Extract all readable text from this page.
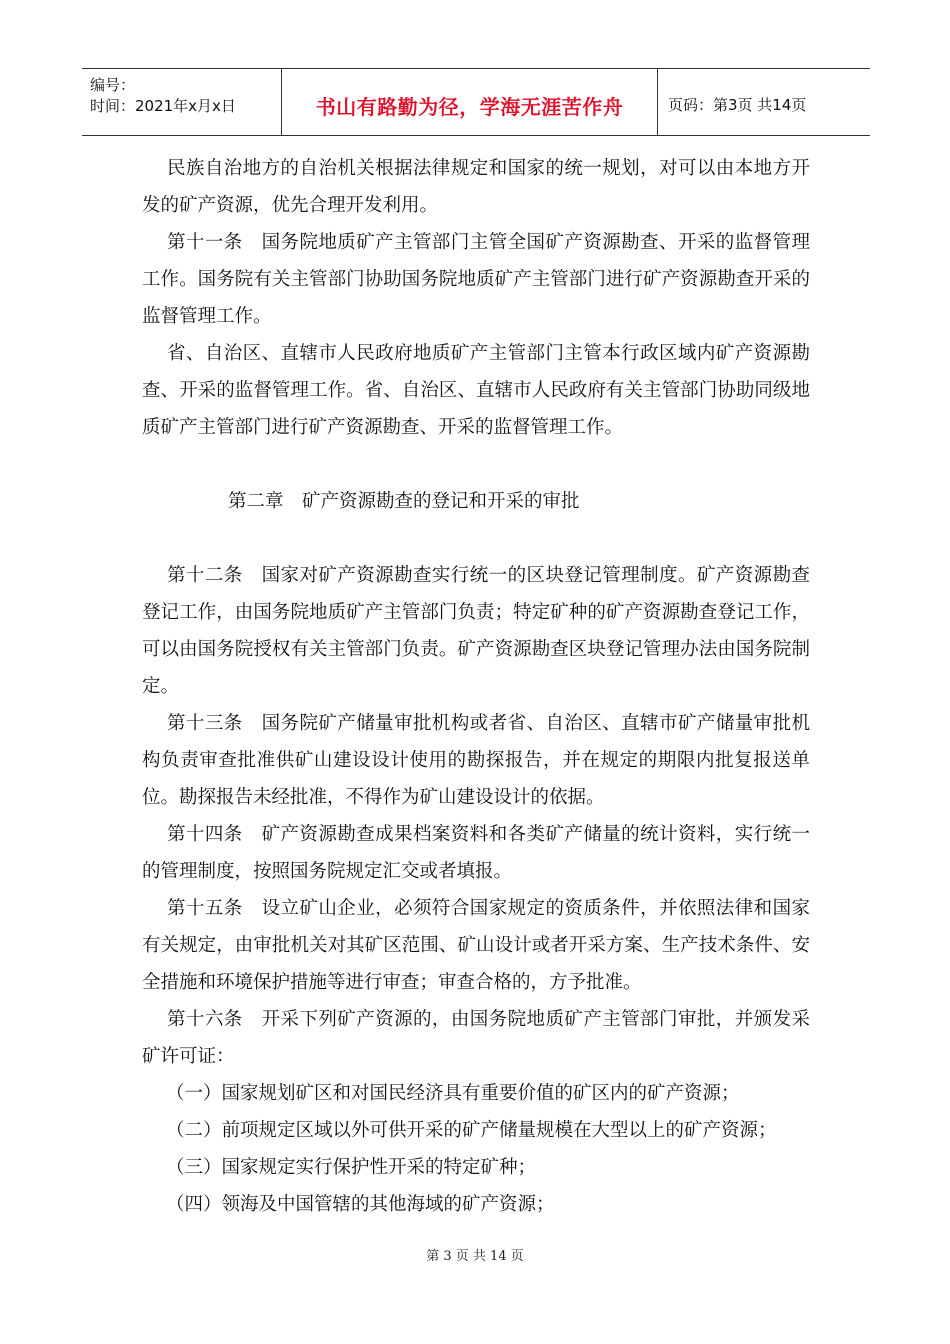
编号：
时间：2021年x月x日	书山有路勤为径，学海无涯苦作舟	页码：第3页 共14页

民族自治地方的自治机关根据法律规定和国家的统一规划，对可以由本地方开发的矿产资源，优先合理开发利用。

第十一条　国务院地质矿产主管部门主管全国矿产资源勘查、开采的监督管理工作。国务院有关主管部门协助国务院地质矿产主管部门进行矿产资源勘查开采的监督管理工作。

省、自治区、直辖市人民政府地质矿产主管部门主管本行政区域内矿产资源勘查、开采的监督管理工作。省、自治区、直辖市人民政府有关主管部门协助同级地质矿产主管部门进行矿产资源勘查、开采的监督管理工作。

第二章　矿产资源勘查的登记和开采的审批

第十二条　国家对矿产资源勘查实行统一的区块登记管理制度。矿产资源勘查登记工作，由国务院地质矿产主管部门负责；特定矿种的矿产资源勘查登记工作，可以由国务院授权有关主管部门负责。矿产资源勘查区块登记管理办法由国务院制定。

第十三条　国务院矿产储量审批机构或者省、自治区、直辖市矿产储量审批机构负责审查批准供矿山建设设计使用的勘探报告，并在规定的期限内批复报送单位。勘探报告未经批准，不得作为矿山建设设计的依据。

第十四条　矿产资源勘查成果档案资料和各类矿产储量的统计资料，实行统一的管理制度，按照国务院规定汇交或者填报。

第十五条　设立矿山企业，必须符合国家规定的资质条件，并依照法律和国家有关规定，由审批机关对其矿区范围、矿山设计或者开采方案、生产技术条件、安全措施和环境保护措施等进行审查；审查合格的，方予批准。

第十六条　开采下列矿产资源的，由国务院地质矿产主管部门审批，并颁发采矿许可证：

（一）国家规划矿区和对国民经济具有重要价值的矿区内的矿产资源；

（二）前项规定区域以外可供开采的矿产储量规模在大型以上的矿产资源；

（三）国家规定实行保护性开采的特定矿种；

（四）领海及中国管辖的其他海域的矿产资源；

第 3 页 共 14 页
